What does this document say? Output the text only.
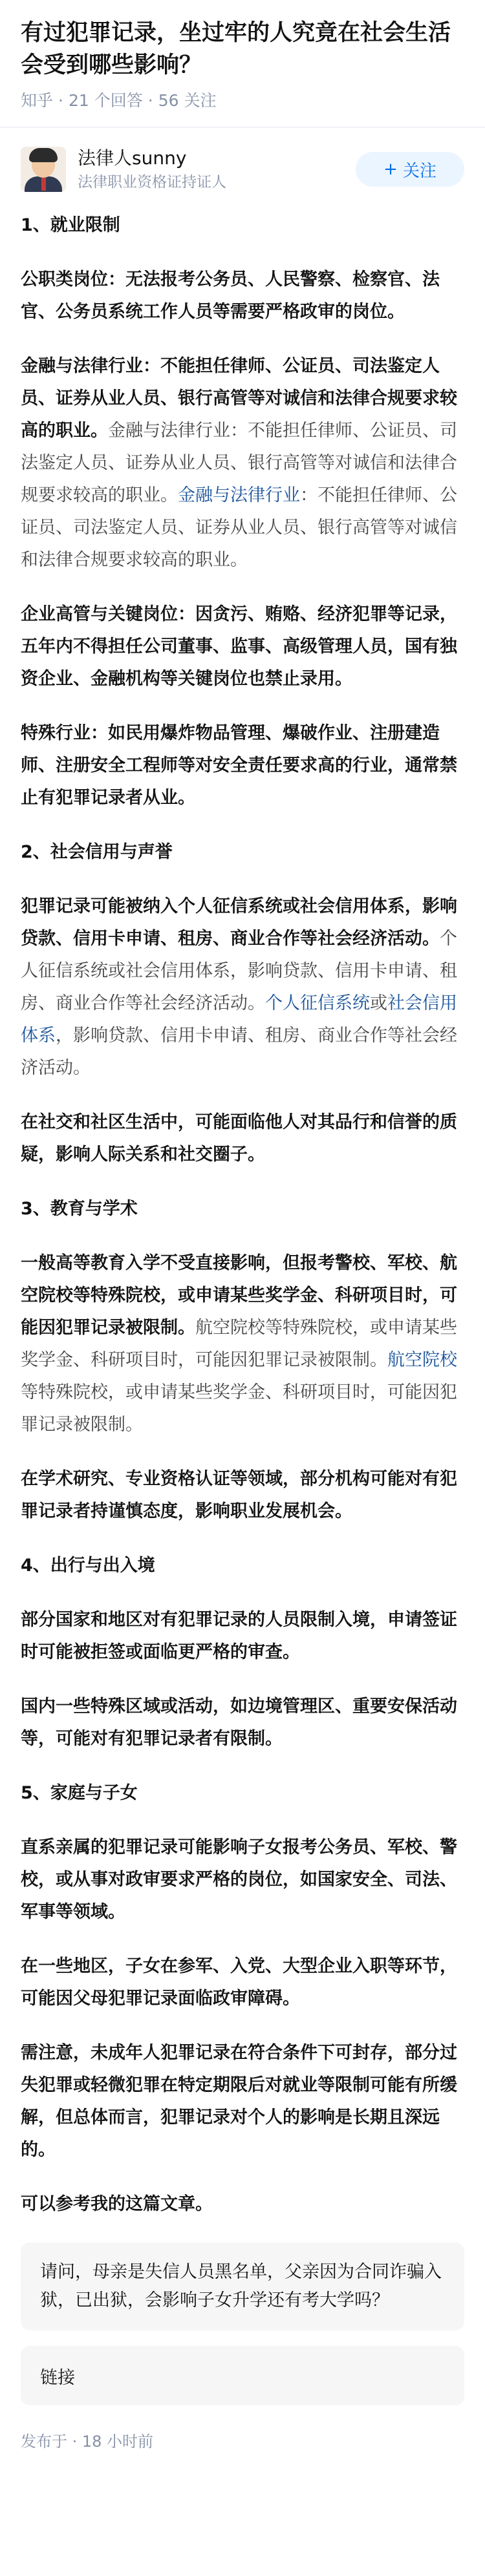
有过犯罪记录，坐过牢的人究竟在社会生活会受到哪些影响？
知乎 · 21 个回答 · 56 关注
法律人sunny
法律职业资格证持证人
+ 关注

1、就业限制

公职类岗位：无法报考公务员、人民警察、检察官、法官、公务员系统工作人员等需要严格政审的岗位。

金融与法律行业：不能担任律师、公证员、司法鉴定人员、证券从业人员、银行高管等对诚信和法律合规要求较高的职业。金融与法律行业：不能担任律师、公证员、司法鉴定人员、证券从业人员、银行高管等对诚信和法律合规要求较高的职业。金融与法律行业：不能担任律师、公证员、司法鉴定人员、证券从业人员、银行高管等对诚信和法律合规要求较高的职业。

企业高管与关键岗位：因贪污、贿赂、经济犯罪等记录，五年内不得担任公司董事、监事、高级管理人员，国有独资企业、金融机构等关键岗位也禁止录用。

特殊行业：如民用爆炸物品管理、爆破作业、注册建造师、注册安全工程师等对安全责任要求高的行业，通常禁止有犯罪记录者从业。

2、社会信用与声誉

犯罪记录可能被纳入个人征信系统或社会信用体系，影响贷款、信用卡申请、租房、商业合作等社会经济活动。个人征信系统或社会信用体系，影响贷款、信用卡申请、租房、商业合作等社会经济活动。个人征信系统或社会信用体系，影响贷款、信用卡申请、租房、商业合作等社会经济活动。

在社交和社区生活中，可能面临他人对其品行和信誉的质疑，影响人际关系和社交圈子。

3、教育与学术

一般高等教育入学不受直接影响，但报考警校、军校、航空院校等特殊院校，或申请某些奖学金、科研项目时，可能因犯罪记录被限制。航空院校等特殊院校，或申请某些奖学金、科研项目时，可能因犯罪记录被限制。航空院校等特殊院校，或申请某些奖学金、科研项目时，可能因犯罪记录被限制。

在学术研究、专业资格认证等领域，部分机构可能对有犯罪记录者持谨慎态度，影响职业发展机会。

4、出行与出入境

部分国家和地区对有犯罪记录的人员限制入境，申请签证时可能被拒签或面临更严格的审查。

国内一些特殊区域或活动，如边境管理区、重要安保活动等，可能对有犯罪记录者有限制。

5、家庭与子女

直系亲属的犯罪记录可能影响子女报考公务员、军校、警校，或从事对政审要求严格的岗位，如国家安全、司法、军事等领域。

在一些地区，子女在参军、入党、大型企业入职等环节，可能因父母犯罪记录面临政审障碍。

需注意，未成年人犯罪记录在符合条件下可封存，部分过失犯罪或轻微犯罪在特定期限后对就业等限制可能有所缓解，但总体而言，犯罪记录对个人的影响是长期且深远的。

可以参考我的这篇文章。

请问，母亲是失信人员黑名单，父亲因为合同诈骗入狱，已出狱，会影响子女升学还有考大学吗？
链接
发布于 · 18 小时前
